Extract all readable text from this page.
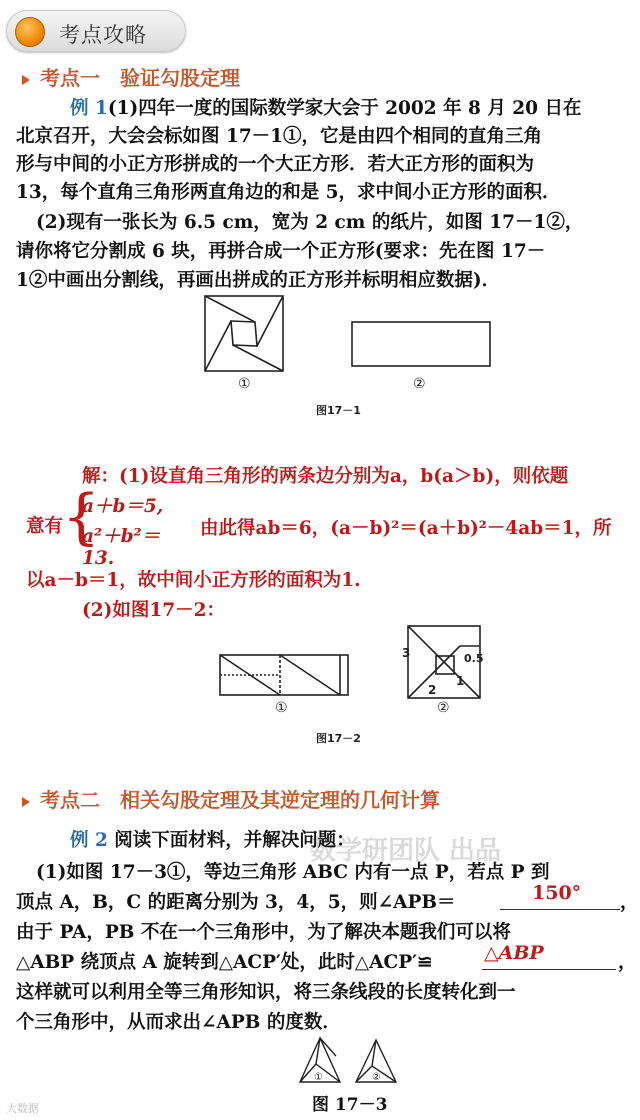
考点攻略
考点一　验证勾股定理
例 1(1)四年一度的国际数学家大会于 2002 年 8 月 20 日在
北京召开，大会会标如图 17－1①，它是由四个相同的直角三角
形与中间的小正方形拼成的一个大正方形．若大正方形的面积为
13，每个直角三角形两直角边的和是 5，求中间小正方形的面积．
(2)现有一张长为 6.5 cm，宽为 2 cm 的纸片，如图 17－1②，
请你将它分割成 6 块，再拼合成一个正方形(要求：先在图 17－
1②中画出分割线，再画出拼成的正方形并标明相应数据)．
①	②
图17－1
解：(1)设直角三角形的两条边分别为a，b(a＞b)，则依题
意有
{
a＋b＝5,
a²＋b²＝13.
由此得ab＝6，(a－b)²＝(a＋b)²－4ab＝1，所
以a－b＝1，故中间小正方形的面积为1.
(2)如图17－2：
3	0.5
2
1
①	②
图17－2
考点二　相关勾股定理及其逆定理的几何计算
数学研团队 出品
例 2 阅读下面材料，并解决问题：
(1)如图 17－3①，等边三角形 ABC 内有一点 P，若点 P 到
顶点 A，B，C 的距离分别为 3，4，5，则∠APB＝	150° ，
由于 PA，PB 不在一个三角形中，为了解决本题我们可以将
△ABP 绕顶点 A 旋转到△ACP′处，此时△ACP′≌	△ABP	，
这样就可以利用全等三角形知识，将三条线段的长度转化到一
个三角形中，从而求出∠APB 的度数．
①	②
图 17－3
大数据
